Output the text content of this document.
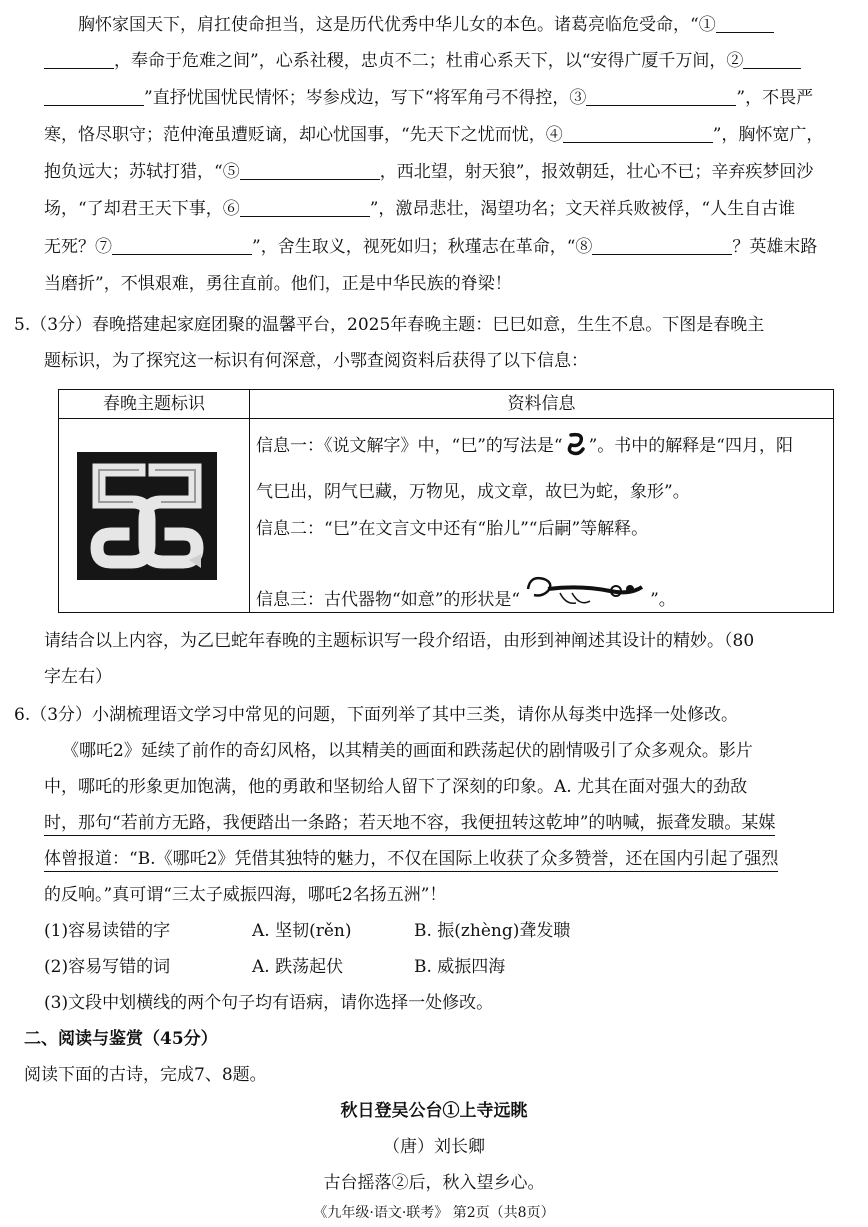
胸怀家国天下，肩扛使命担当，这是历代优秀中华儿女的本色。诸葛亮临危受命，“①
，奉命于危难之间”，心系社稷，忠贞不二；杜甫心系天下，以“安得广厦千万间，②
”直抒忧国忧民情怀；岑参戍边，写下“将军角弓不得控，③	”，不畏严
寒，恪尽职守；范仲淹虽遭贬谪，却心忧国事，“先天下之忧而忧，④	”，胸怀宽广，
抱负远大；苏轼打猎，“⑤	，西北望，射天狼”，报效朝廷，壮心不已；辛弃疾梦回沙
场，“了却君王天下事，⑥	”，激昂悲壮，渴望功名；文天祥兵败被俘，“人生自古谁
无死？⑦	”，舍生取义，视死如归；秋瑾志在革命，“⑧	？英雄末路
当磨折”，不惧艰难，勇往直前。他们，正是中华民族的脊梁！
5.（3分）春晚搭建起家庭团聚的温馨平台，2025年春晚主题：巳巳如意，生生不息。下图是春晚主
题标识，为了探究这一标识有何深意，小鄂查阅资料后获得了以下信息：
春晚主题标识	资料信息

信息一：《说文解字》中，“巳”的写法是“ ”。书中的解释是“四月，阳
气巳出，阴气巳藏，万物见，成文章，故巳为蛇，象形”。
信息二：“巳”在文言文中还有“胎儿”“后嗣”等解释。
信息三：古代器物“如意”的形状是“ ”。
请结合以上内容，为乙巳蛇年春晚的主题标识写一段介绍语，由形到神阐述其设计的精妙。（80
字左右）
6.（3分）小湖梳理语文学习中常见的问题，下面列举了其中三类，请你从每类中选择一处修改。
《哪吒2》延续了前作的奇幻风格，以其精美的画面和跌荡起伏的剧情吸引了众多观众。影片
中，哪吒的形象更加饱满，他的勇敢和坚韧给人留下了深刻的印象。A. 尤其在面对强大的劲敌
时，那句“若前方无路，我便踏出一条路；若天地不容，我便扭转这乾坤”的呐喊，振聋发聩。某媒
体曾报道：“B.《哪吒2》凭借其独特的魅力，不仅在国际上收获了众多赞誉，还在国内引起了强烈
的反响。”真可谓“三太子威振四海，哪吒2名扬五洲”！
(1)容易读错的字	A. 坚韧(rěn)	B. 振(zhèng)聋发聩
(2)容易写错的词	A. 跌荡起伏	B. 威振四海
(3)文段中划横线的两个句子均有语病，请你选择一处修改。
二、阅读与鉴赏（45分）
阅读下面的古诗，完成7、8题。
秋日登吴公台①上寺远眺
（唐）刘长卿
古台摇落②后，秋入望乡心。
《九年级·语文·联考》 第2页（共8页）
